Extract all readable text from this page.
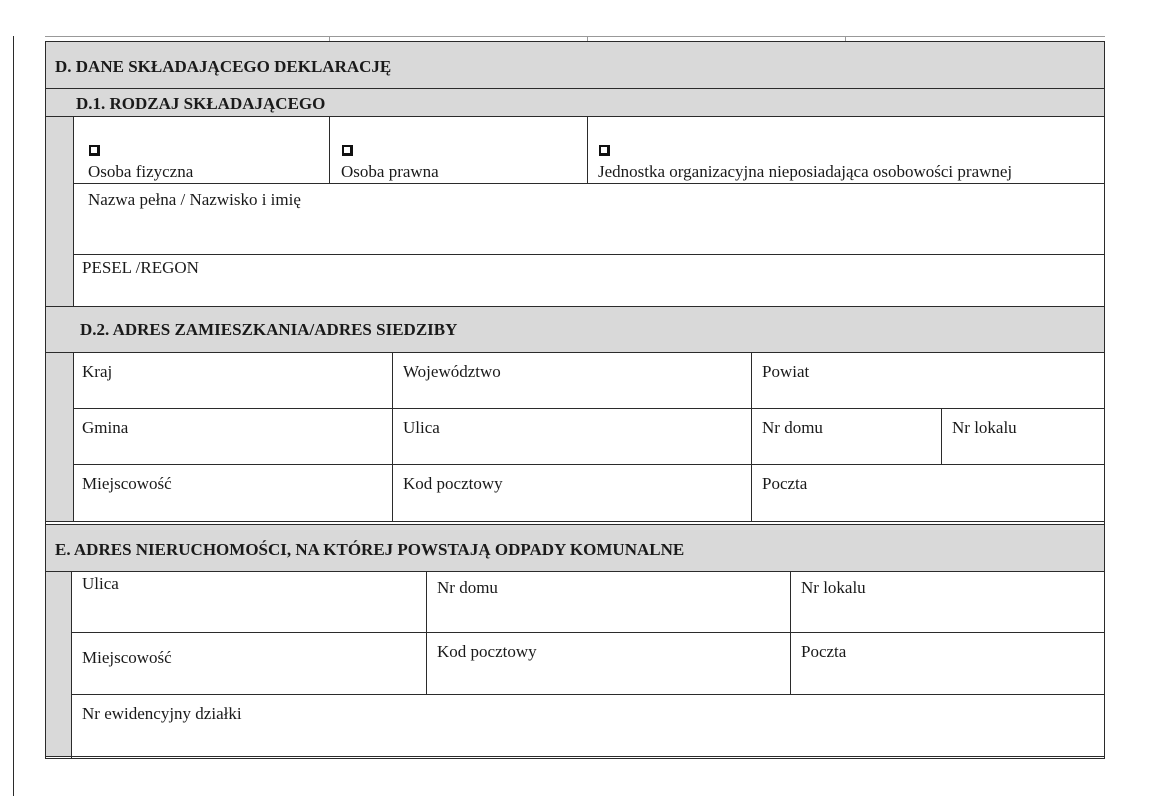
D. DANE SKŁADAJĄCEGO DEKLARACJĘ
D.1. RODZAJ SKŁADAJĄCEGO
D.2. ADRES ZAMIESZKANIA/ADRES SIEDZIBY
Osoba fizyczna	Osoba prawna	Jednostka organizacyjna nieposiadająca osobowości prawnej
Nazwa pełna / Nazwisko i imię
PESEL /REGON
Kraj	Województwo	Powiat
Gmina	Ulica	Nr domu	Nr lokalu
Miejscowość	Kod pocztowy	Poczta
E. ADRES NIERUCHOMOŚCI, NA KTÓREJ POWSTAJĄ ODPADY KOMUNALNE
Ulica	Nr domu	Nr lokalu
Miejscowość	Kod pocztowy	Poczta
Nr ewidencyjny działki
